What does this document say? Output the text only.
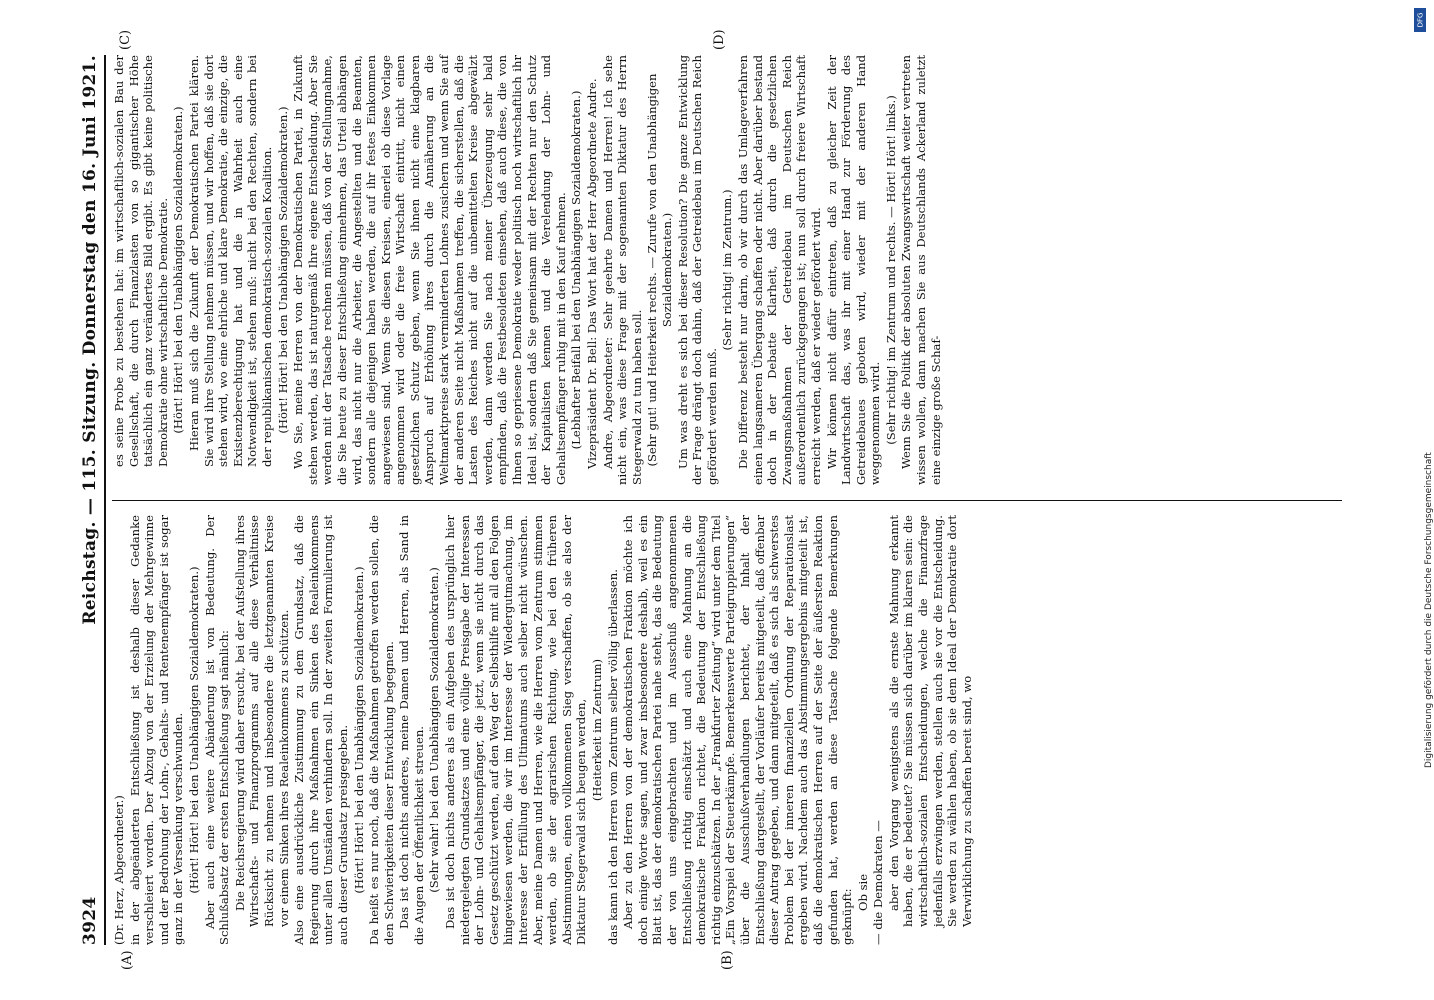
3924
Reichstag. — 115. Sitzung. Donnerstag den 16. Juni 1921.
(A)	(B)
(C)	(D)

(Dr. Herz, Abgeordneter.) in der abgeänderten Entschließung ist deshalb dieser Gedanke verschleiert worden. Der Abzug von der Erzielung der Mehrgewinne und der Bedrohung der Lohn-, Gehalts- und Rentenempfänger ist sogar ganz in der Versenkung verschwunden. (Hört! Hört! bei den Unabhängigen Sozialdemokraten.) Aber auch eine weitere Abänderung ist von Bedeutung. Der Schlußabsatz der ersten Entschließung sagt nämlich: Die Reichsregierung wird daher ersucht, bei der Aufstellung ihres Wirtschafts- und Finanzprogramms auf alle diese Verhältnisse Rücksicht zu nehmen und insbesondere die letztgenannten Kreise vor einem Sinken ihres Realeinkommens zu schützen. Also eine ausdrückliche Zustimmung zu dem Grundsatz, daß die Regierung durch ihre Maßnahmen ein Sinken des Realeinkommens unter allen Umständen verhindern soll. In der zweiten Formulierung ist auch dieser Grundsatz preisgegeben. (Hört! Hört! bei den Unabhängigen Sozialdemokraten.) Da heißt es nur noch, daß die Maßnahmen getroffen werden sollen, die den Schwierigkeiten dieser Entwicklung begegnen. Das ist doch nichts anderes, meine Damen und Herren, als Sand in die Augen der Öffentlichkeit streuen. (Sehr wahr! bei den Unabhängigen Sozialdemokraten.) Das ist doch nichts anderes als ein Aufgeben des ursprünglich hier niedergelegten Grundsatzes und eine völlige Preisgabe der Interessen der Lohn- und Gehaltsempfänger, die jetzt, wenn sie nicht durch das Gesetz geschützt werden, auf den Weg der Selbsthilfe mit all den Folgen hingewiesen werden, die wir im Interesse der Wiedergutmachung, im Interesse der Erfüllung des Ultimatums auch selber nicht wünschen. Aber, meine Damen und Herren, wie die Herren vom Zentrum stimmen werden, ob sie der agrarischen Richtung, wie bei den früheren Abstimmungen, einen vollkommenen Sieg verschaffen, ob sie also der Diktatur Stegerwald sich beugen werden, (Heiterkeit im Zentrum) das kann ich den Herren vom Zentrum selber völlig überlassen. Aber zu den Herren von der demokratischen Fraktion möchte ich doch einige Worte sagen, und zwar insbesondere deshalb, weil es ein Blatt ist, das der demokratischen Partei nahe steht, das die Bedeutung der von uns eingebrachten und im Ausschuß angenommenen Entschließung richtig einschätzt und auch eine Mahnung an die demokratische Fraktion richtet, die Bedeutung der Entschließung richtig einzuschätzen. In der „Frankfurter Zeitung“ wird unter dem Titel „Ein Vorspiel der Steuerkämpfe. Bemerkenswerte Parteigruppierungen“ über die Ausschußverhandlungen berichtet, der Inhalt der Entschließung dargestellt, der Vorläufer bereits mitgeteilt, daß offenbar dieser Antrag gegeben, und dann mitgeteilt, daß es sich als schwerstes Problem bei der inneren finanziellen Ordnung der Reparationslast ergeben wird. Nachdem auch das Abstimmungsergebnis mitgeteilt ist, daß die demokratischen Herren auf der Seite der äußersten Reaktion gefunden hat, werden an diese Tatsache folgende Bemerkungen geknüpft: Ob sie — die Demokraten — aber den Vorgang wenigstens als die ernste Mahnung erkannt haben, die er bedeutet? Sie müssen sich darüber im klaren sein: die wirtschaftlich-sozialen Entscheidungen, welche die Finanzfrage jedenfalls erzwingen werden, stellen auch sie vor die Entscheidung. Sie werden zu wählen haben, ob sie dem Ideal der Demokratie dort Verwirklichung zu schaffen bereit sind, wo

es seine Probe zu bestehen hat: im wirtschaftlich-sozialen Bau der Gesellschaft, die durch Finanzlasten von so gigantischer Höhe tatsächlich ein ganz verändertes Bild ergibt. Es gibt keine politische Demokratie ohne wirtschaftliche Demokratie. (Hört! Hört! bei den Unabhängigen Sozialdemokraten.) Hieran muß sich die Zukunft der Demokratischen Partei klären. Sie wird ihre Stellung nehmen müssen, und wir hoffen, daß sie dort stehen wird, wo eine ehrliche und klare Demokratie, die einzige, die Existenzberechtigung hat und die in Wahrheit auch eine Notwendigkeit ist, stehen muß: nicht bei den Rechten, sondern bei der republikanischen demokratisch-sozialen Koalition. (Hört! Hört! bei den Unabhängigen Sozialdemokraten.) Wo Sie, meine Herren von der Demokratischen Partei, in Zukunft stehen werden, das ist naturgemäß Ihre eigene Entscheidung. Aber Sie werden mit der Tatsache rechnen müssen, daß von der Stellungnahme, die Sie heute zu dieser Entschließung einnehmen, das Urteil abhängen wird, das nicht nur die Arbeiter, die Angestellten und die Beamten, sondern alle diejenigen haben werden, die auf ihr festes Einkommen angewiesen sind. Wenn Sie diesen Kreisen, einerlei ob diese Vorlage angenommen wird oder die freie Wirtschaft eintritt, nicht einen gesetzlichen Schutz geben, wenn Sie ihnen nicht eine klagbaren Anspruch auf Erhöhung ihres durch die Annäherung an die Weltmarktpreise stark verminderten Lohnes zusichern und wenn Sie auf der anderen Seite nicht Maßnahmen treffen, die sicherstellen, daß die Lasten des Reiches nicht auf die unbemittelten Kreise abgewälzt werden, dann werden Sie nach meiner Überzeugung sehr bald empfinden, daß die Festbesoldeten einsehen, daß auch diese, die von Ihnen so gepriesene Demokratie weder politisch noch wirtschaftlich ihr Ideal ist, sondern daß Sie gemeinsam mit der Rechten nur den Schutz der Kapitalisten kennen und die Verelendung der Lohn- und Gehaltsempfänger ruhig mit in den Kauf nehmen. (Lebhafter Beifall bei den Unabhängigen Sozialdemokraten.) Vizepräsident Dr. Bell: Das Wort hat der Herr Abgeordnete Andre. Andre, Abgeordneter: Sehr geehrte Damen und Herren! Ich sehe nicht ein, was diese Frage mit der sogenannten Diktatur des Herrn Stegerwald zu tun haben soll. (Sehr gut! und Heiterkeit rechts. — Zurufe von den Unabhängigen Sozialdemokraten.) Um was dreht es sich bei dieser Resolution? Die ganze Entwicklung der Frage drängt doch dahin, daß der Getreidebau im Deutschen Reich gefördert werden muß.

(Sehr richtig! im Zentrum.) Die Differenz besteht nur darin, ob wir durch das Umlageverfahren einen langsameren Übergang schaffen oder nicht. Aber darüber bestand doch in der Debatte Klarheit, daß durch die gesetzlichen Zwangsmaßnahmen der Getreidebau im Deutschen Reich außerordentlich zurückgegangen ist; nun soll durch freiere Wirtschaft erreicht werden, daß er wieder gefördert wird. Wir können nicht dafür eintreten, daß zu gleicher Zeit der Landwirtschaft das, was ihr mit einer Hand zur Förderung des Getreidebaues geboten wird, wieder mit der anderen Hand weggenommen wird. (Sehr richtig! im Zentrum und rechts. — Hört! Hört! links.) Wenn Sie die Politik der absoluten Zwangswirtschaft weiter vertreten wissen wollen, dann machen Sie aus Deutschlands Ackerland zuletzt eine einzige große Schaf-

Digitalisierung gefördert durch die Deutsche Forschungsgemeinschaft
DFG
